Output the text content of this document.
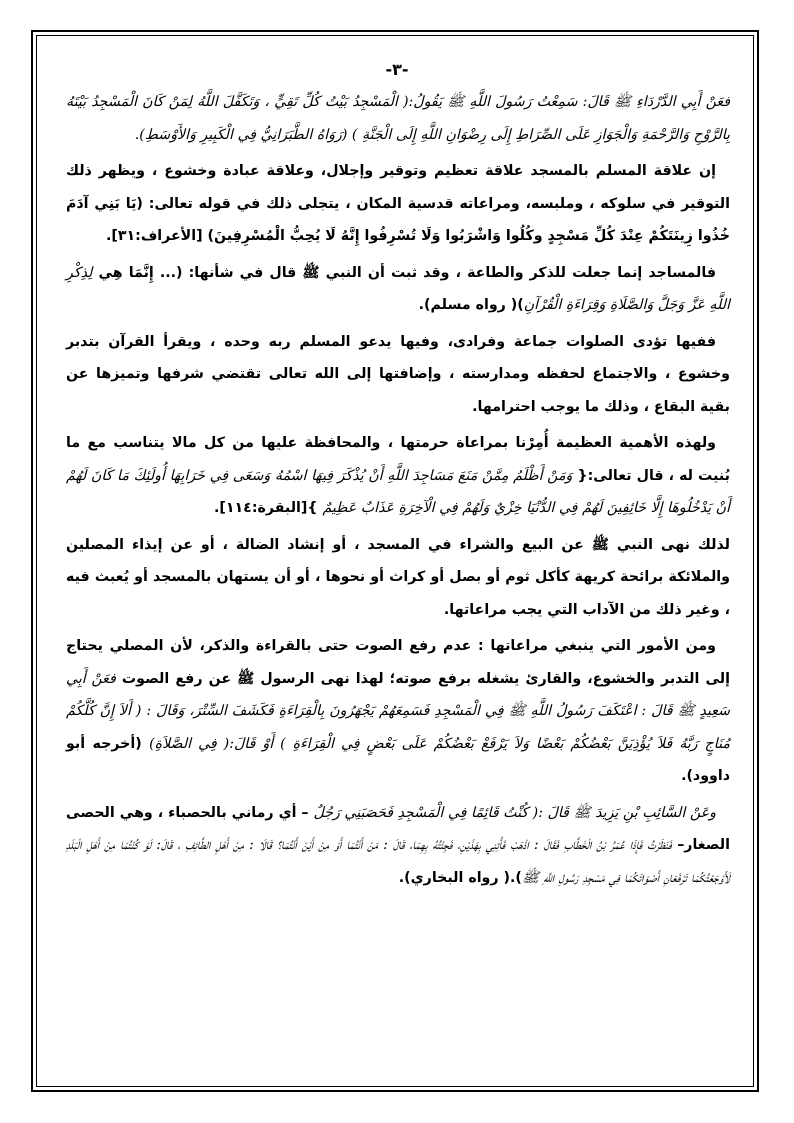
-٣-

فعَنْ أَبِي الدَّرْدَاءِ ﷺ قَالَ: سَمِعْتُ رَسُولَ اللَّهِ ﷺ يَقُولُ:( الْمَسْجِدُ بَيْتُ كُلِّ تَقِيٍّ ، وَتَكَفَّلَ اللَّهُ لِمَنْ كَانَ الْمَسْجِدُ بَيْتَهُ بِالرَّوْحِ وَالرَّحْمَةِ وَالْجَوَازِ عَلَى الصِّرَاطِ إِلَى رِضْوَانِ اللَّهِ إِلَى الْجَنَّةِ ) (رَوَاهُ الطَّبَرَانِيُّ فِي الْكَبِيرِ وَالأَوْسَطِ).

إن علاقة المسلم بالمسجد علاقة تعظيم وتوقير وإجلال، وعلاقة عبادة وخشوع ، ويظهر ذلك التوقير في سلوكه ، وملبسه، ومراعاته قدسية المكان ، يتجلى ذلك في قوله تعالى: (يَا بَنِي آدَمَ خُذُوا زِينَتَكُمْ عِنْدَ كُلِّ مَسْجِدٍ وكُلُوا وَاشْرَبُوا وَلَا تُسْرِفُوا إِنَّهُ لَا يُحِبُّ الْمُسْرِفِينَ) [الأعراف:٣١].

فالمساجد إنما جعلت للذكر والطاعة ، وقد ثبت أن النبي ﷺ قال في شأنها: (... إِنَّمَا هِي لِذِكْرِ اللَّهِ عَزَّ وَجَلَّ وَالصَّلَاةِ وَقِرَاءَةِ الْقُرْآنِ)( رواه مسلم).

ففيها تؤدى الصلوات جماعة وفرادى، وفيها يدعو المسلم ربه وحده ، ويقرأ القرآن بتدبر وخشوع ، والاجتماع لحفظه ومدارسته ، وإضافتها إلى الله تعالى تقتضي شرفها وتميزها عن بقية البقاع ، وذلك ما يوجب احترامها.

ولهذه الأهمية العظيمة أُمِرْنا بمراعاة حرمتها ، والمحافظة عليها من كل مالا يتناسب مع ما بُنيت له ، قال تعالى:{ وَمَنْ أَظْلَمُ مِمَّنْ مَنَعَ مَسَاجِدَ اللَّهِ أَنْ يُذْكَرَ فِيهَا اسْمُهُ وَسَعَى فِي خَرَابِهَا أُولَئِكَ مَا كَانَ لَهُمْ أَنْ يَدْخُلُوهَا إِلَّا خَائِفِينَ لَهُمْ فِي الدُّنْيَا خِزْيٌ وَلَهُمْ فِي الْآخِرَةِ عَذَابٌ عَظِيمٌ }[البقرة:١١٤].

لذلك نهى النبي ﷺ عن البيع والشراء في المسجد ، أو إنشاد الضالة ، أو عن إيذاء المصلين والملائكة برائحة كريهة كأكل ثوم أو بصل أو كراث أو نحوها ، أو أن يستهان بالمسجد أو يُعبث فيه ، وغير ذلك من الآداب التي يجب مراعاتها.

ومن الأمور التي ينبغي مراعاتها : عدم رفع الصوت حتى بالقراءة والذكر، لأن المصلي يحتاج إلى التدبر والخشوع، والقارئ يشغله برفع صوته؛ لهذا نهى الرسول ﷺ عن رفع الصوت فعَنْ أَبِي سَعِيدٍ ﷺ قَالَ : اعْتَكَفَ رَسُولُ اللَّهِ ﷺ فِي الْمَسْجِدِ فَسَمِعَهُمْ يَجْهَرُونَ بِالْقِرَاءَةِ فَكَشَفَ السِّتْرَ، وَقَالَ : ( أَلاَ إِنَّ كُلَّكُمْ مُنَاجٍ رَبَّهُ فَلاَ يُؤْذِيَنَّ بَعْضُكُمْ بَعْضًا وَلاَ يَرْفَعْ بَعْضُكُمْ عَلَى بَعْضٍ فِي الْقِرَاءَةِ ) أَوْ قَالَ:( فِي الصَّلاَةِ) (أخرجه أبو داوود).

وعَنْ السَّائِبِ بْنِ يَزِيدَ ﷺ قَالَ :( كُنْتُ قَائِمًا فِي الْمَسْجِدِ فَحَصَبَنِي رَجُلٌ – أي رماني بالحصباء ، وهي الحصى الصغار– فَنَظَرْتُ فَإِذَا عُمَرُ بْنُ الْخَطَّابِ فَقَالَ : اذْهَبْ فَأْتِنِي بِهَذَيْنِ، فَجِئْتُهُ بِهِمَا، قَالَ : مَنْ أَنْتُمَا أَوْ مِنْ أَيْنَ أَنْتُمَا؟ قَالَا : مِنْ أَهْلِ الطَّائِفِ ، قَالَ: لَوْ كُنْتُمَا مِنْ أَهْلِ الْبَلَدِ لَأَوْجَعْتُكُمَا تَرْفَعَانِ أَصْوَاتَكُمَا فِي مَسْجِدِ رَسُولِ اللَّهِ ﷺ).( رواه البخاري).
